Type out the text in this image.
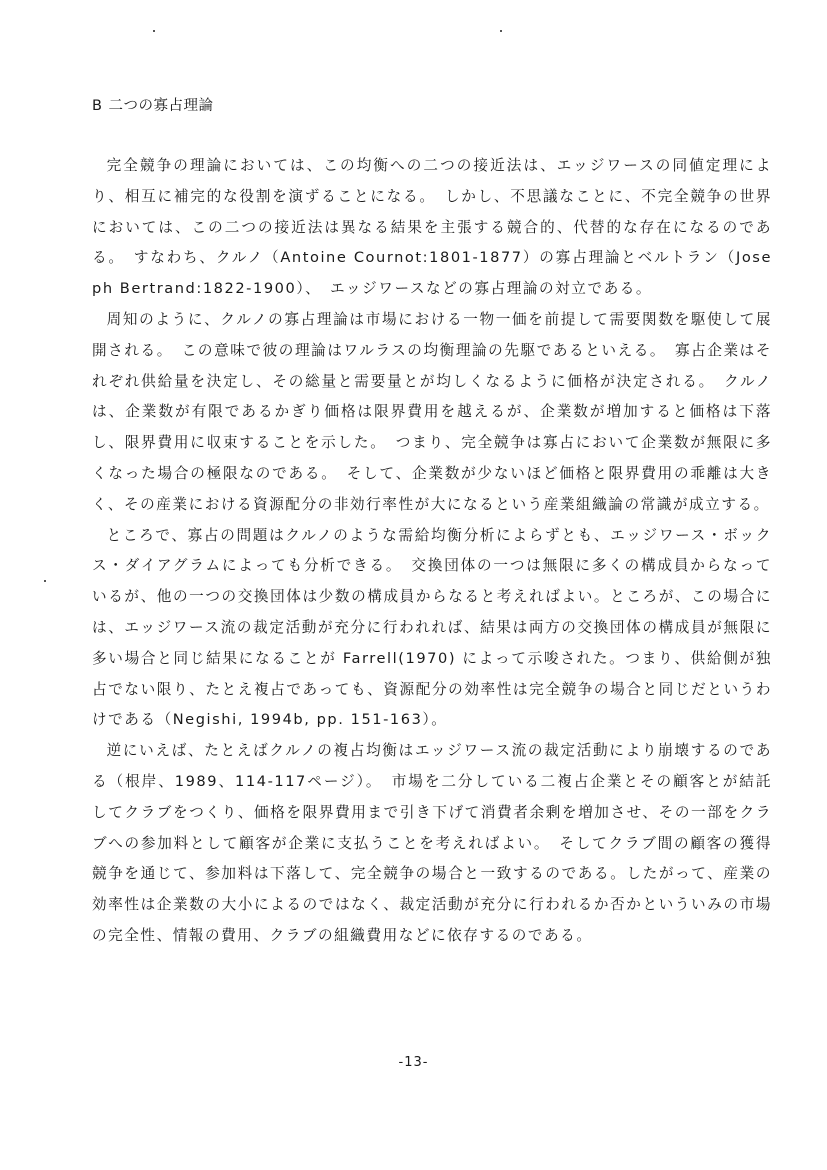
B 二つの寡占理論

完全競争の理論においては、この均衡への二つの接近法は、エッジワースの同値定理により、相互に補完的な役割を演ずることになる。　しかし、不思議なことに、不完全競争の世界においては、この二つの接近法は異なる結果を主張する競合的、代替的な存在になるのである。　すなわち、クルノ（Antoine Cournot:1801-1877）の寡占理論とベルトラン（Joseph Bertrand:1822-1900）、　エッジワースなどの寡占理論の対立である。

周知のように、クルノの寡占理論は市場における一物一価を前提して需要関数を駆使して展開される。　この意味で彼の理論はワルラスの均衡理論の先駆であるといえる。　寡占企業はそれぞれ供給量を決定し、その総量と需要量とが均しくなるように価格が決定される。　クルノは、企業数が有限であるかぎり価格は限界費用を越えるが、企業数が増加すると価格は下落し、限界費用に収束することを示した。　つまり、完全競争は寡占において企業数が無限に多くなった場合の極限なのである。　そして、企業数が少ないほど価格と限界費用の乖離は大きく、その産業における資源配分の非効行率性が大になるという産業組織論の常識が成立する。

ところで、寡占の問題はクルノのような需給均衡分析によらずとも、エッジワース・ボックス・ダイアグラムによっても分析できる。　交換団体の一つは無限に多くの構成員からなっているが、他の一つの交換団体は少数の構成員からなると考えればよい。ところが、この場合には、エッジワース流の裁定活動が充分に行われれば、結果は両方の交換団体の構成員が無限に多い場合と同じ結果になることが Farrell(1970) によって示唆された。つまり、供給側が独占でない限り、たとえ複占であっても、資源配分の効率性は完全競争の場合と同じだというわけである（Negishi, 1994b, pp. 151-163）。

逆にいえば、たとえばクルノの複占均衡はエッジワース流の裁定活動により崩壊するのである（根岸、1989、114-117ページ）。　市場を二分している二複占企業とその顧客とが結託してクラブをつくり、価格を限界費用まで引き下げて消費者余剰を増加させ、その一部をクラブへの参加料として顧客が企業に支払うことを考えればよい。　そしてクラブ間の顧客の獲得競争を通じて、参加料は下落して、完全競争の場合と一致するのである。したがって、産業の効率性は企業数の大小によるのではなく、裁定活動が充分に行われるか否かといういみの市場の完全性、情報の費用、クラブの組織費用などに依存するのである。

-13-
